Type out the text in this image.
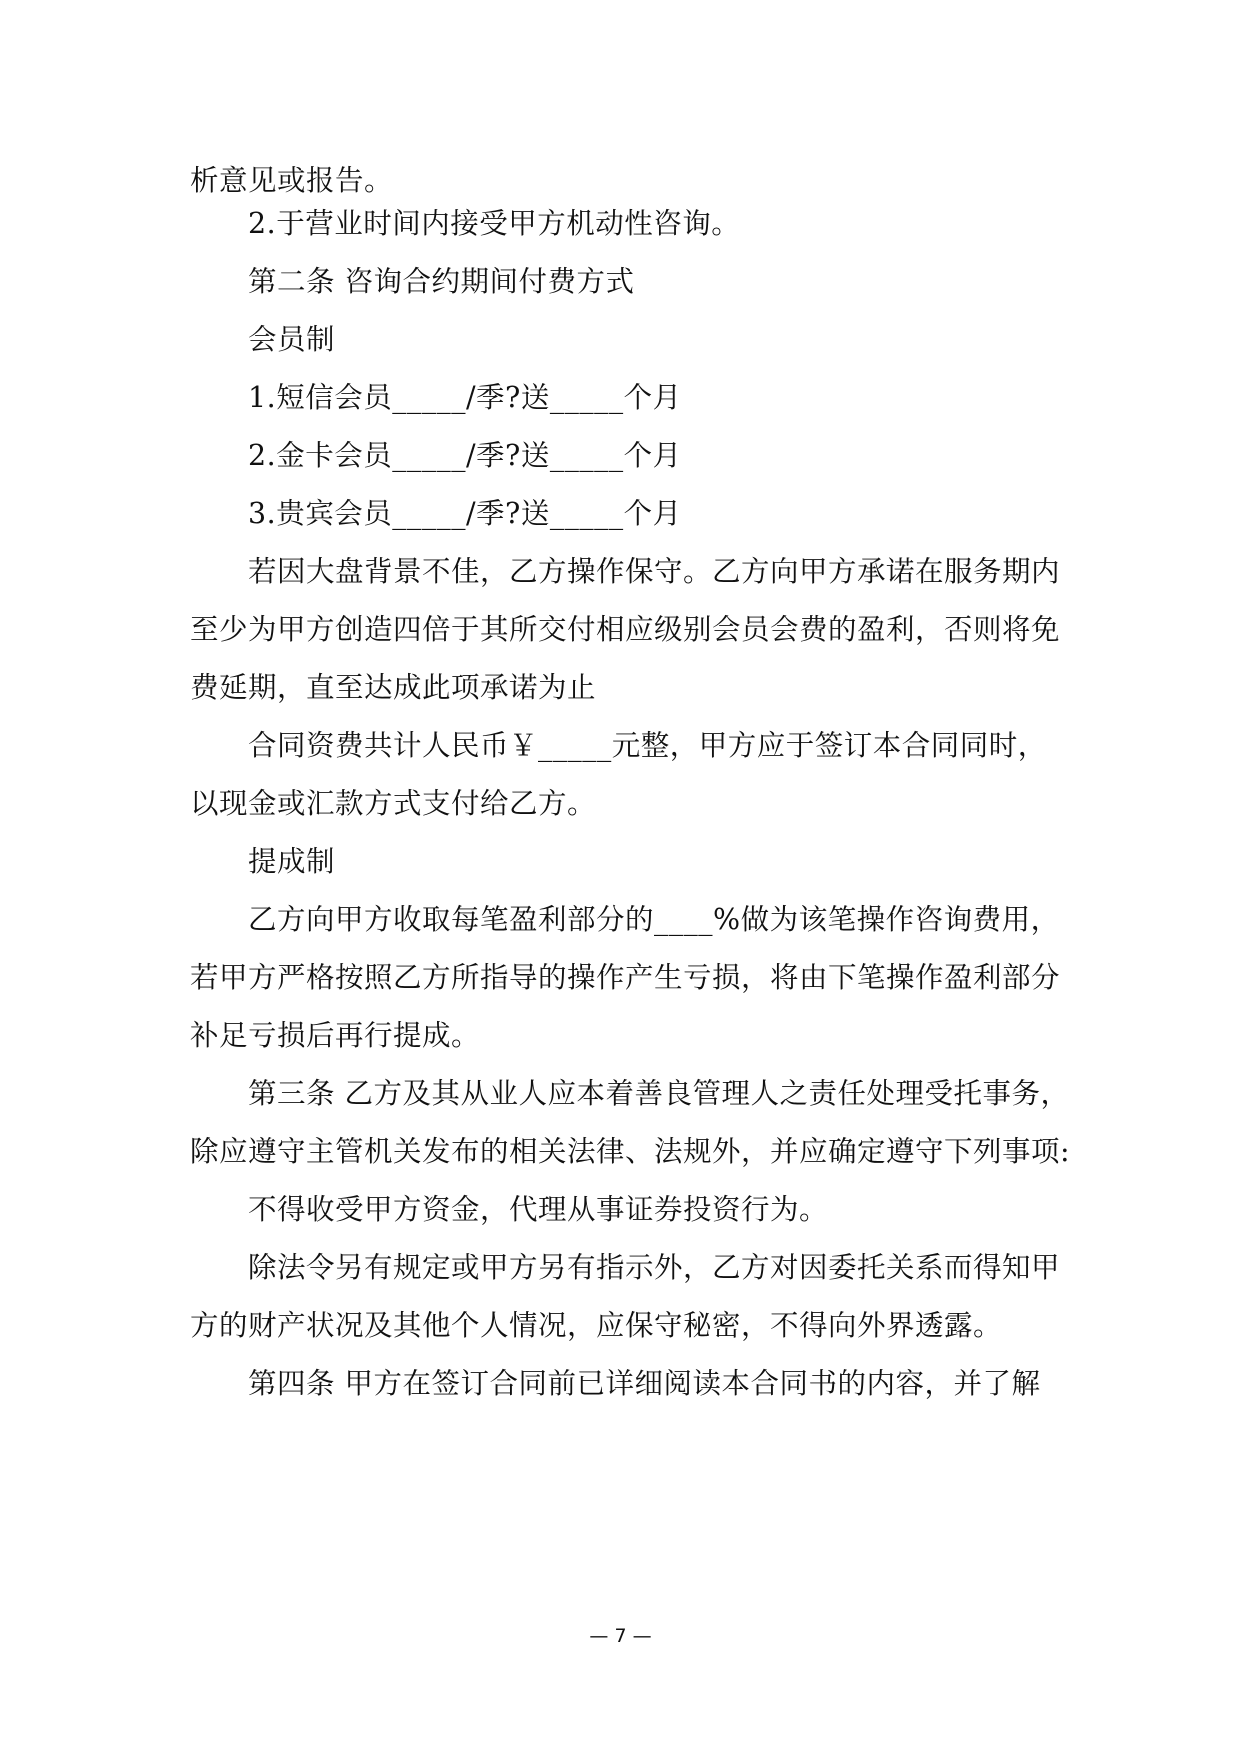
析意见或报告。
2.于营业时间内接受甲方机动性咨询。
第二条 咨询合约期间付费方式
会员制
1.短信会员_____/季?送_____个月
2.金卡会员_____/季?送_____个月
3.贵宾会员_____/季?送_____个月
若因大盘背景不佳，乙方操作保守。乙方向甲方承诺在服务期内
至少为甲方创造四倍于其所交付相应级别会员会费的盈利，否则将免
费延期，直至达成此项承诺为止
合同资费共计人民币￥_____元整，甲方应于签订本合同同时，
以现金或汇款方式支付给乙方。
提成制
乙方向甲方收取每笔盈利部分的____%做为该笔操作咨询费用，
若甲方严格按照乙方所指导的操作产生亏损，将由下笔操作盈利部分
补足亏损后再行提成。
第三条 乙方及其从业人应本着善良管理人之责任处理受托事务，
除应遵守主管机关发布的相关法律、法规外，并应确定遵守下列事项:
不得收受甲方资金，代理从事证券投资行为。
除法令另有规定或甲方另有指示外，乙方对因委托关系而得知甲
方的财产状况及其他个人情况，应保守秘密，不得向外界透露。
第四条 甲方在签订合同前已详细阅读本合同书的内容，并了解
— 7 —
